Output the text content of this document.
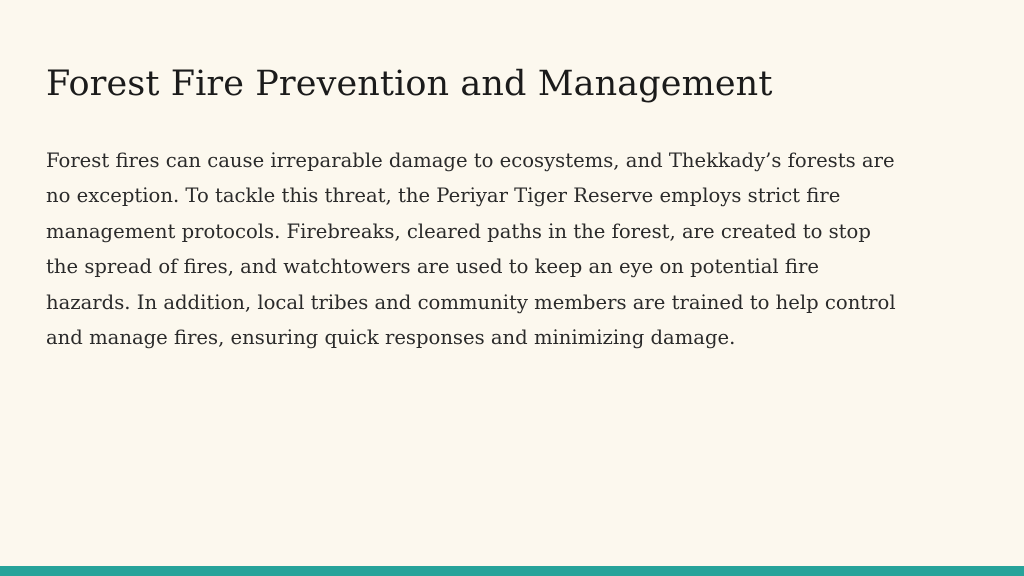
Forest Fire Prevention and Management

Forest fires can cause irreparable damage to ecosystems, and Thekkady’s forests are
no exception. To tackle this threat, the Periyar Tiger Reserve employs strict fire
management protocols. Firebreaks, cleared paths in the forest, are created to stop
the spread of fires, and watchtowers are used to keep an eye on potential fire
hazards. In addition, local tribes and community members are trained to help control
and manage fires, ensuring quick responses and minimizing damage.
